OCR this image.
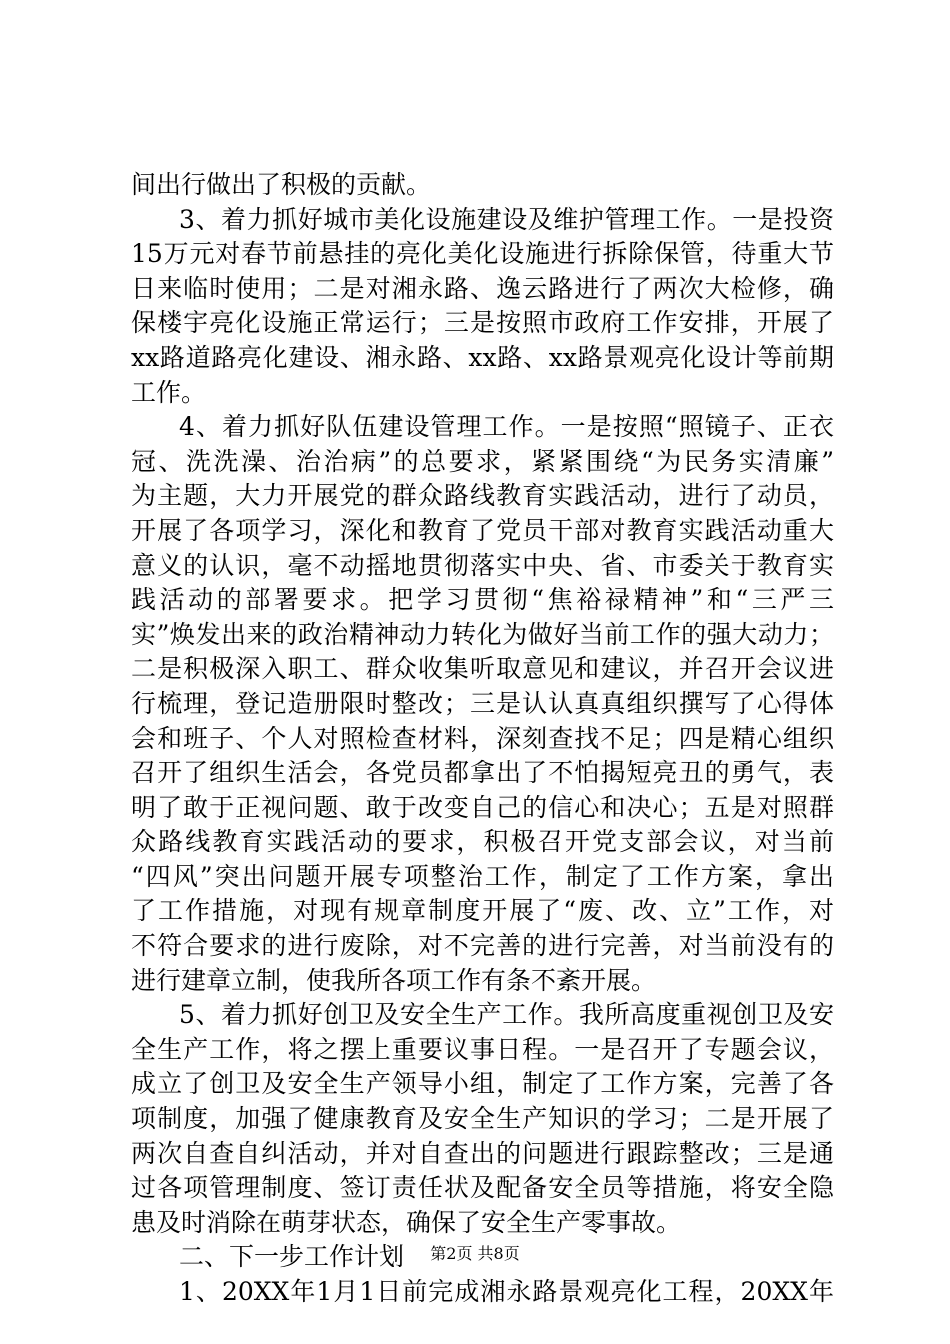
间出行做出了积极的贡献。
3、着力抓好城市美化设施建设及维护管理工作。一是投资
15万元对春节前悬挂的亮化美化设施进行拆除保管，待重大节
日来临时使用；二是对湘永路、逸云路进行了两次大检修，确
保楼宇亮化设施正常运行；三是按照市政府工作安排，开展了
xx路道路亮化建设、湘永路、xx路、xx路景观亮化设计等前期
工作。
4、着力抓好队伍建设管理工作。一是按照“照镜子、正衣
冠、洗洗澡、治治病”的总要求，紧紧围绕“为民务实清廉”
为主题，大力开展党的群众路线教育实践活动，进行了动员，
开展了各项学习，深化和教育了党员干部对教育实践活动重大
意义的认识，毫不动摇地贯彻落实中央、省、市委关于教育实
践活动的部署要求。把学习贯彻“焦裕禄精神”和“三严三
实”焕发出来的政治精神动力转化为做好当前工作的强大动力；
二是积极深入职工、群众收集听取意见和建议，并召开会议进
行梳理，登记造册限时整改；三是认认真真组织撰写了心得体
会和班子、个人对照检查材料，深刻查找不足；四是精心组织
召开了组织生活会，各党员都拿出了不怕揭短亮丑的勇气，表
明了敢于正视问题、敢于改变自己的信心和决心；五是对照群
众路线教育实践活动的要求，积极召开党支部会议，对当前
“四风”突出问题开展专项整治工作，制定了工作方案，拿出
了工作措施，对现有规章制度开展了“废、改、立”工作，对
不符合要求的进行废除，对不完善的进行完善，对当前没有的
进行建章立制，使我所各项工作有条不紊开展。
5、着力抓好创卫及安全生产工作。我所高度重视创卫及安
全生产工作，将之摆上重要议事日程。一是召开了专题会议，
成立了创卫及安全生产领导小组，制定了工作方案，完善了各
项制度，加强了健康教育及安全生产知识的学习；二是开展了
两次自查自纠活动，并对自查出的问题进行跟踪整改；三是通
过各项管理制度、签订责任状及配备安全员等措施，将安全隐
患及时消除在萌芽状态，确保了安全生产零事故。
二、下一步工作计划
1、20XX年1月1日前完成湘永路景观亮化工程，20XX年
第2页 共8页
